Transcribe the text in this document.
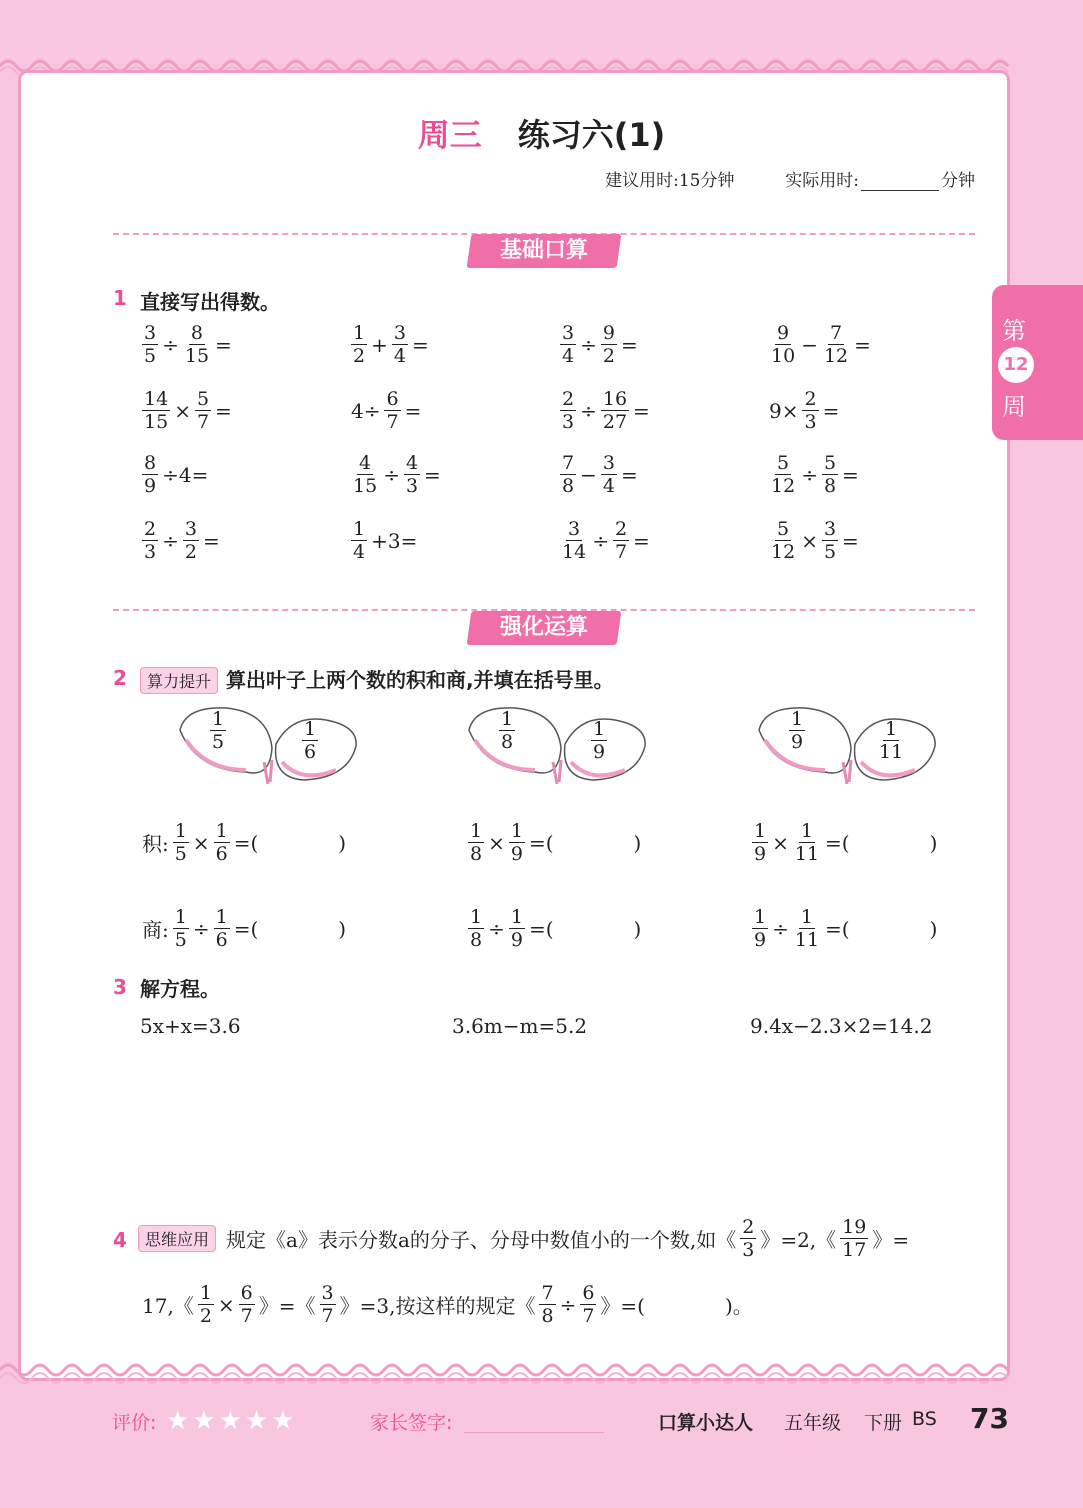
周三 练习六(1)
建议用时:15分钟	实际用时:	分钟
第
12
周
基础口算
1 直接写出得数。
$\frac{3}{5} \div \frac{8}{15}$ =	$\frac{1}{2} + \frac{3}{4}$ =	$\frac{3}{4} \div \frac{9}{2}$ =	$\frac{9}{10} - \frac{7}{12}$ =
$\frac{14}{15} \times \frac{5}{7}$ =	$4\div \frac{6}{7}$ =	$\frac{2}{3} \div \frac{16}{27}$ =	$9\times \frac{2}{3}$ =
$\frac{8}{9} \div 4=$	$\frac{4}{15} \div \frac{4}{3}$ =	$\frac{7}{8} - \frac{3}{4}$ =	$\frac{5}{12} \div \frac{5}{8}$ =
$\frac{2}{3} \div \frac{3}{2}$ =	$\frac{1}{4} +3=$	$\frac{3}{14} \div \frac{2}{7}$ =	$\frac{5}{12} \times \frac{3}{5}$ =
强化运算
2	算力提升 算出叶子上两个数的积和商,并填在括号里。
$\frac{1}{5}$	$\frac{1}{6}$	$\frac{1}{8}$	$\frac{1}{9}$	$\frac{1}{9}$	$\frac{1}{11}$
积: $\frac{1}{5} \times \frac{1}{6}$ =(	)	$\frac{1}{8} \times \frac{1}{9}$ =(	)	$\frac{1}{9} \times \frac{1}{11}$ =(	)
商: $\frac{1}{5} \div \frac{1}{6}$ =(	)	$\frac{1}{8} \div \frac{1}{9}$ =(	)	$\frac{1}{9} \div \frac{1}{11}$ =(	)
3 解方程。
5x+x=3.6	3.6m−m=5.2	9.4x−2.3×2=14.2
4	思维应用 规定《a》表示分数a的分子、分母中数值小的一个数,如《 $\frac{2}{3}$ 》=2,《 $\frac{19}{17}$ 》=
17,《 $\frac{1}{2} \times \frac{6}{7}$ 》=《 $\frac{3}{7}$ 》=3,按这样的规定《 $\frac{7}{8} \div \frac{6}{7}$ 》=(	)。
评价: ★★★★★	家长签字:	口算小达人 五年级 下册 BS 73
